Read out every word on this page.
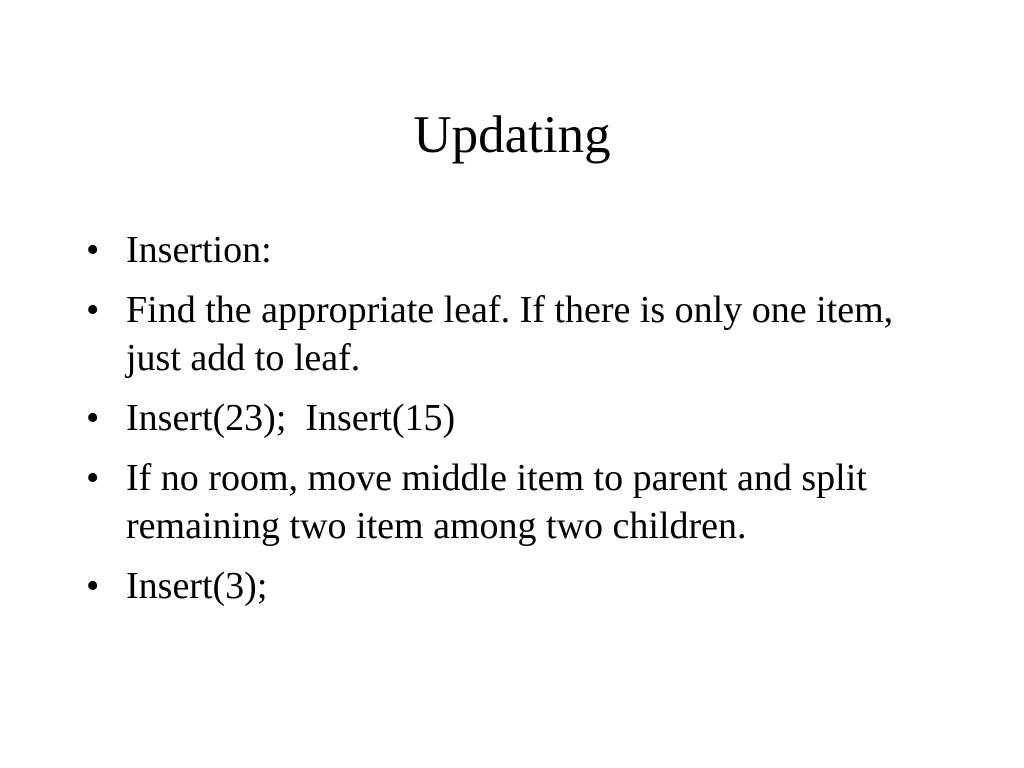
Updating
• Insertion:
• Find the appropriate leaf. If there is only one item, just add to leaf.
• Insert(23);  Insert(15)
• If no room, move middle item to parent and split remaining two item among two children.
• Insert(3);
